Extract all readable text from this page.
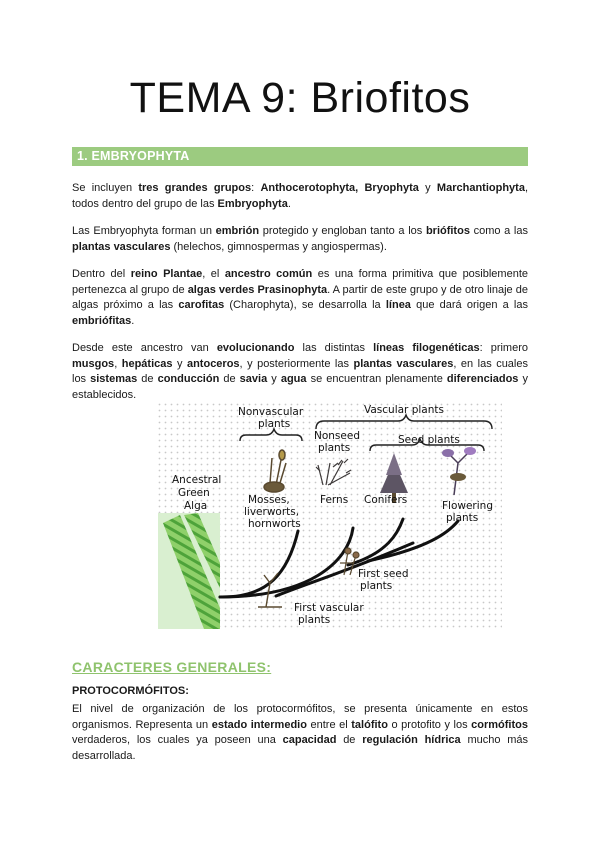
TEMA 9: Briofitos
1. EMBRYOPHYTA

Se incluyen tres grandes grupos: Anthocerotophyta, Bryophyta y Marchantiophyta, todos dentro del grupo de las Embryophyta.

Las Embryophyta forman un embrión protegido y engloban tanto a los briófitos como a las plantas vasculares (helechos, gimnospermas y angiospermas).

Dentro del reino Plantae, el ancestro común es una forma primitiva que posiblemente pertenezca al grupo de algas verdes Prasinophyta. A partir de este grupo y de otro linaje de algas próximo a las carofitas (Charophyta), se desarrolla la línea que dará origen a las embriófitas.

Desde este ancestro van evolucionando las distintas líneas filogenéticas: primero musgos, hepáticas y antoceros, y posteriormente las plantas vasculares, en las cuales los sistemas de conducción de savia y agua se encuentran plenamente diferenciados y establecidos.

Nonvascular
plants
Vascular plants
Nonseed
plants
Seed plants
Ancestral
Green
Alga	Mosses,
liverworts,
hornworts
Ferns Conifers	Flowering
plants
First seed
plants
First vascular
plants
CARACTERES GENERALES:
PROTOCORMÓFITOS:

El nivel de organización de los protocormófitos, se presenta únicamente en estos organismos. Representa un estado intermedio entre el talófito o protofito y los cormófitos verdaderos, los cuales ya poseen una capacidad de regulación hídrica mucho más desarrollada.
